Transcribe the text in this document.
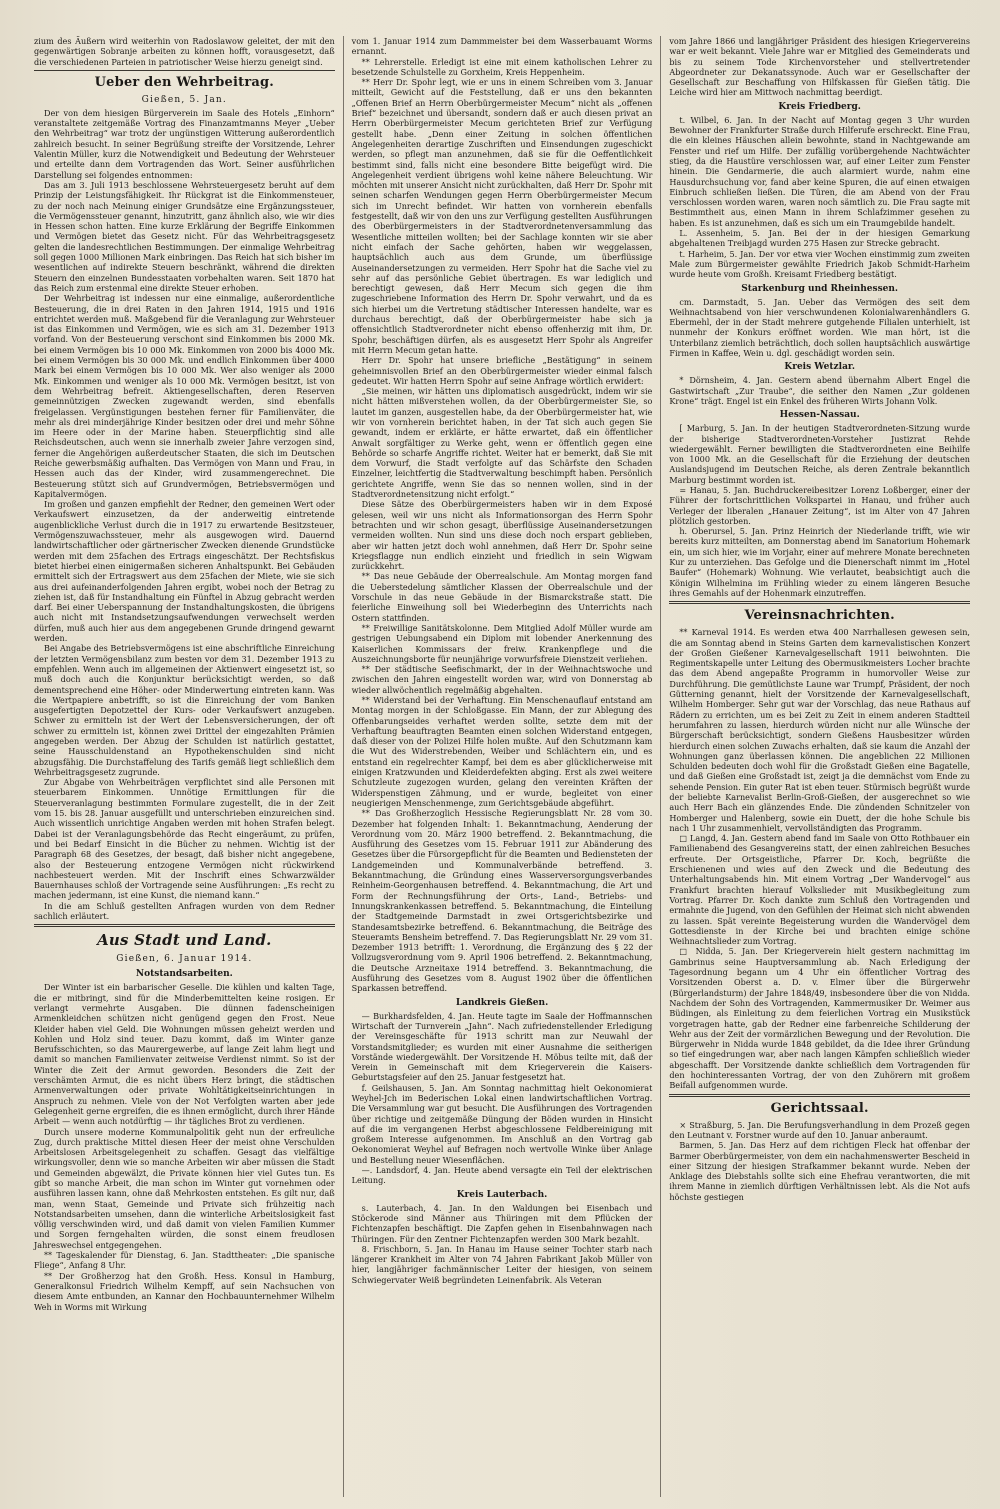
zium des Äußern wird weiterhin von Radoslawow geleitet, der mit den gegenwärtigen Sobranje arbeiten zu können hofft, vorausgesetzt, daß die verschiedenen Parteien in patriotischer Weise hierzu geneigt sind.

Ueber den Wehrbeitrag.
Gießen, 5. Jan.

Der von dem hiesigen Bürgerverein im Saale des Hotels „Einhorn“ veranstaltete zeitgemäße Vortrag des Finanzamtmanns Meyer „Ueber den Wehrbeitrag“ war trotz der ungünstigen Witterung außerordentlich zahlreich besucht. In seiner Begrüßung streifte der Vorsitzende, Lehrer Valentin Müller, kurz die Notwendigkeit und Bedeutung der Wehrsteuer und erteilte dann dem Vortragenden das Wort. Seiner ausführlichen Darstellung sei folgendes entnommen:

Das am 3. Juli 1913 beschlossene Wehrsteuergesetz beruht auf dem Prinzip der Leistungsfähigkeit. Ihr Rückgrat ist die Einkommensteuer, zu der noch nach Meinung einiger Grundsätze eine Ergänzungssteuer, die Vermögenssteuer genannt, hinzutritt, ganz ähnlich also, wie wir dies in Hessen schon hatten. Eine kurze Erklärung der Begriffe Einkommen und Vermögen bietet das Gesetz nicht. Für das Wehrbeitragsgesetz gelten die landesrechtlichen Bestimmungen. Der einmalige Wehrbeitrag soll gegen 1000 Millionen Mark einbringen. Das Reich hat sich bisher im wesentlichen auf indirekte Steuern beschränkt, während die direkten Steuern den einzelnen Bundesstaaten vorbehalten waren. Seit 1870 hat das Reich zum erstenmal eine direkte Steuer erhoben.

Der Wehrbeitrag ist indessen nur eine einmalige, außerordentliche Besteuerung, die in drei Raten in den Jahren 1914, 1915 und 1916 entrichtet werden muß. Maßgebend für die Veranlagung zur Wehrsteuer ist das Einkommen und Vermögen, wie es sich am 31. Dezember 1913 vorfand. Von der Besteuerung verschont sind Einkommen bis 2000 Mk. bei einem Vermögen bis 10 000 Mk. Einkommen von 2000 bis 4000 Mk. bei einem Vermögen bis 30 000 Mk. und endlich Einkommen über 4000 Mark bei einem Vermögen bis 10 000 Mk. Wer also weniger als 2000 Mk. Einkommen und weniger als 10 000 Mk. Vermögen besitzt, ist von dem Wehrbeitrag befreit. Aktiengesellschaften, deren Reserven gemeinnützigen Zwecken zugewandt werden, sind ebenfalls freigelassen. Vergünstigungen bestehen ferner für Familienväter, die mehr als drei minderjährige Kinder besitzen oder drei und mehr Söhne im Heere oder in der Marine haben. Steuerpflichtig sind alle Reichsdeutschen, auch wenn sie innerhalb zweier Jahre verzogen sind, ferner die Angehörigen außerdeutscher Staaten, die sich im Deutschen Reiche gewerbsmäßig aufhalten. Das Vermögen von Mann und Frau, in Hessen auch das der Kinder, wird zusammengerechnet. Die Besteuerung stützt sich auf Grundvermögen, Betriebsvermögen und Kapitalvermögen.

Im großen und ganzen empfiehlt der Redner, den gemeinen Wert oder Verkaufswert einzusetzen, da der anderweitig eintretende augenblickliche Verlust durch die in 1917 zu erwartende Besitzsteuer, Vermögenszuwachssteuer, mehr als ausgewogen wird. Dauernd landwirtschaftlicher oder gärtnerischer Zwecken dienende Grundstücke werden mit dem 25fachen des Ertrags eingeschätzt. Der Rechtsfiskus bietet hierbei einen einigermaßen sicheren Anhaltspunkt. Bei Gebäuden ermittelt sich der Ertragswert aus dem 25fachen der Miete, wie sie sich aus drei aufeinanderfolgenden Jahren ergibt, wobei noch der Betrag zu ziehen ist, daß für Instandhaltung ein Fünftel in Abzug gebracht werden darf. Bei einer Ueberspannung der Instandhaltungskosten, die übrigens auch nicht mit Instandsetzungsaufwendungen verwechselt werden dürfen, muß auch hier aus dem angegebenen Grunde dringend gewarnt werden.

Bei Angabe des Betriebsvermögens ist eine abschriftliche Einreichung der letzten Vermögensbilanz zum besten vor dem 31. Dezember 1913 zu empfehlen. Wenn auch im allgemeinen der Aktienwert eingesetzt ist, so muß doch auch die Konjunktur berücksichtigt werden, so daß dementsprechend eine Höher- oder Minderwertung eintreten kann. Was die Wertpapiere anbetrifft, so ist die Einreichung der vom Banken ausgefertigten Depotzettel der Kurs- oder Verkaufswert anzugeben. Schwer zu ermitteln ist der Wert der Lebensversicherungen, der oft schwer zu ermitteln ist, können zwei Drittel der eingezahlten Prämien angegeben werden. Der Abzug der Schulden ist natürlich gestattet, seine Hausschuldenstand an Hypothekenschulden sind nicht abzugsfähig. Die Durchstaffelung des Tarifs gemäß liegt schließlich dem Wehrbeitragsgesetz zugrunde.

Zur Abgabe von Wehrbeiträgen verpflichtet sind alle Personen mit steuerbarem Einkommen. Unnötige Ermittlungen für die Steuerveranlagung bestimmten Formulare zugestellt, die in der Zeit vom 15. bis 28. Januar ausgefüllt und unterschrieben einzureichen sind. Auch wissentlich unrichtige Angaben werden mit hohen Strafen belegt. Dabei ist der Veranlagungsbehörde das Recht eingeräumt, zu prüfen, und bei Bedarf Einsicht in die Bücher zu nehmen. Wichtig ist der Paragraph 68 des Gesetzes, der besagt, daß bisher nicht angegebene, also der Besteuerung entzogene Vermögen nicht rückwirkend nachbesteuert werden. Mit der Inschrift eines Schwarzwälder Bauernhauses schloß der Vortragende seine Ausführungen: „Es recht zu machen jedermann, ist eine Kunst, die niemand kann.“

In die am Schluß gestellten Anfragen wurden von dem Redner sachlich erläutert.

Aus Stadt und Land.
Gießen, 6. Januar 1914.
Notstandsarbeiten.

Der Winter ist ein barbarischer Geselle. Die kühlen und kalten Tage, die er mitbringt, sind für die Minderbemittelten keine rosigen. Er verlangt vermehrte Ausgaben. Die dünnen fadenscheinigen Armenkleidchen schützen nicht genügend gegen den Frost. Neue Kleider haben viel Geld. Die Wohnungen müssen geheizt werden und Kohlen und Holz sind teuer. Dazu kommt, daß im Winter ganze Berufsschichten, so das Maurergewerbe, auf lange Zeit lahm liegt und damit so manchen Familienvater zeitweise Verdienst nimmt. So ist der Winter die Zeit der Armut geworden. Besonders die Zeit der verschämten Armut, die es nicht übers Herz bringt, die städtischen Armenverwaltungen oder private Wohltätigkeitseinrichtungen in Anspruch zu nehmen. Viele von der Not Verfolgten warten aber jede Gelegenheit gerne ergreifen, die es ihnen ermöglicht, durch ihrer Hände Arbeit — wenn auch notdürftig — ihr tägliches Brot zu verdienen.

Durch unsere moderne Kommunalpolitik geht nun der erfreuliche Zug, durch praktische Mittel diesen Heer der meist ohne Verschulden Arbeitslosen Arbeitsgelegenheit zu schaffen. Gesagt das vielfältige wirkungsvoller, denn wie so manche Arbeiten wir aber müssen die Stadt und Gemeinden abgewälzt, die Private können hier viel Gutes tun. Es gibt so manche Arbeit, die man schon im Winter gut vornehmen oder ausführen lassen kann, ohne daß Mehrkosten entstehen. Es gilt nur, daß man, wenn Staat, Gemeinde und Private sich frühzeitig nach Notstandsarbeiten umsehen, dann die winterliche Arbeitslosigkeit fast völlig verschwinden wird, und daß damit von vielen Familien Kummer und Sorgen ferngehalten würden, die sonst einem freudlosen Jahreswechsel entgegengehen.

** Tageskalender für Dienstag, 6. Jan. Stadttheater: „Die spanische Fliege“, Anfang 8 Uhr.

** Der Großherzog hat den Großh. Hess. Konsul in Hamburg, Generalkonsul Friedrich Wilhelm Kempff, auf sein Nachsuchen von diesem Amte entbunden, an Kannar den Hochbauunternehmer Wilhelm Weh in Worms mit Wirkung

vom 1. Januar 1914 zum Dammmeister bei dem Wasserbauamt Worms ernannt.

** Lehrerstelle. Erledigt ist eine mit einem katholischen Lehrer zu besetzende Schulstelle zu Gorxheim, Kreis Heppenheim.

** Herr Dr. Spohr legt, wie er uns in einem Schreiben vom 3. Januar mitteilt, Gewicht auf die Feststellung, daß er uns den bekannten „Offenen Brief an Herrn Oberbürgermeister Mecum“ nicht als „offenen Brief“ bezeichnet und übersandt, sondern daß er auch diesen privat an Herrn Oberbürgermeister Mecum gerichteten Brief zur Verfügung gestellt habe. „Denn einer Zeitung in solchen öffentlichen Angelegenheiten derartige Zuschriften und Einsendungen zugeschickt werden, so pflegt man anzunehmen, daß sie für die Oeffentlichkeit bestimmt sind, falls nicht eine besondere Bitte beigefügt wird. Die Angelegenheit verdient übrigens wohl keine nähere Beleuchtung. Wir möchten mit unserer Ansicht nicht zurückhalten, daß Herr Dr. Spohr mit seinen scharfen Wendungen gegen Herrn Oberbürgermeister Mecum sich im Unrecht befindet. Wir hatten von vornherein ebenfalls festgestellt, daß wir von den uns zur Verfügung gestellten Ausführungen des Oberbürgermeisters in der Stadtverordnetenversammlung das Wesentliche mitteilen wollten; bei der Sachlage konnten wir sie aber nicht einfach der Sache gehörten, haben wir weggelassen, hauptsächlich auch aus dem Grunde, um überflüssige Auseinandersetzungen zu vermeiden. Herr Spohr hat die Sache viel zu sehr auf das persönliche Gebiet übertragen. Es war lediglich und berechtigt gewesen, daß Herr Mecum sich gegen die ihm zugeschriebene Information des Herrn Dr. Spohr verwahrt, und da es sich hierbei um die Vertretung städtischer Interessen handelte, war es durchaus berechtigt, daß der Oberbürgermeister habe sich ja offensichtlich Stadtverordneter nicht ebenso offenherzig mit ihm, Dr. Spohr, beschäftigen dürfen, als es ausgesetzt Herr Spohr als Angreifer mit Herrn Mecum getan hatte.

Herr Dr. Spohr hat unsere briefliche „Bestätigung“ in seinem geheimnisvollen Brief an den Oberbürgermeister wieder einmal falsch gedeutet. Wir hatten Herrn Spohr auf seine Anfrage wörtlich erwidert:

„Sie meinen, wir hätten uns diplomatisch ausgedrückt, indem wir sie nicht hätten mißverstehen wollen, da der Oberbürgermeister Sie, so lautet im ganzen, ausgestellen habe, da der Oberbürgermeister hat, wie wir von vornherein berichtet haben, in der Tat sich auch gegen Sie gewandt, indem er erklärte, er hätte erwartet, daß ein öffentlicher Anwalt sorgfältiger zu Werke geht, wenn er öffentlich gegen eine Behörde so scharfe Angriffe richtet. Weiter hat er bemerkt, daß Sie mit dem Vorwurf, die Stadt verfolgte auf das Schärfste den Schaden Einzelner, leichtfertig die Stadtverwaltung beschimpft haben. Persönlich gerichtete Angriffe, wenn Sie das so nennen wollen, sind in der Stadtverordnetensitzung nicht erfolgt.“

Diese Sätze des Oberbürgermeisters haben wir in dem Exposé gelesen, weil wir uns nicht als Informationsorgan des Herrn Spohr betrachten und wir schon gesagt, überflüssige Auseinandersetzungen vermeiden wollten. Nun sind uns diese doch noch erspart geblieben, aber wir hatten jetzt doch wohl annehmen, daß Herr Dr. Spohr seine Kriegsflagge nun endlich einzieht und friedlich in sein Wigwam zurückkehrt.

** Das neue Gebäude der Oberrealschule. Am Montag morgen fand die Ueberstedelung sämtlicher Klassen der Oberrealschule und der Vorschule in das neue Gebäude in der Bismarckstraße statt. Die feierliche Einweihung soll bei Wiederbeginn des Unterrichts nach Ostern stattfinden.

** Freiwillige Sanitätskolonne. Dem Mitglied Adolf Müller wurde am gestrigen Uebungsabend ein Diplom mit lobender Anerkennung des Kaiserlichen Kommissars der freiw. Krankenpflege und die Auszeichnungsborte für neunjährige vorwurfsfreie Dienstzeit verliehen.

** Der städtische Seefischmarkt, der in der Weihnachtswoche und zwischen den Jahren eingestellt worden war, wird von Donnerstag ab wieder allwöchentlich regelmäßig abgehalten.

** Widerstand bei der Verhaftung. Ein Menschenauflauf entstand am Montag morgen in der Schloßgasse. Ein Mann, der zur Ablegung des Offenbarungseides verhaftet werden sollte, setzte dem mit der Verhaftung beauftragten Beamten einen solchen Widerstand entgegen, daß dieser von der Polizei Hilfe holen mußte. Auf den Schutzmann kam die Wut des Widerstrebenden, Weiber und Schlächtern ein, und es entstand ein regelrechter Kampf, bei dem es aber glücklicherweise mit einigen Kratzwunden und Kleiderdefekten abging. Erst als zwei weitere Schutzleute zugezogen wurden, gelang den vereinten Kräften der Widerspenstigen Zähmung, und er wurde, begleitet von einer neugierigen Menschenmenge, zum Gerichtsgebäude abgeführt.

** Das Großherzoglich Hessische Regierungsblatt Nr. 28 vom 30. Dezember hat folgenden Inhalt: 1. Bekanntmachung, Aenderung der Verordnung vom 20. März 1900 betreffend. 2. Bekanntmachung, die Ausführung des Gesetzes vom 15. Februar 1911 zur Abänderung des Gesetzes über die Fürsorgepflicht für die Beamten und Bediensteten der Landgemeinden und Kommunalverbände betreffend. 3. Bekanntmachung, die Gründung eines Wasserversorgungsverbandes Reinheim-Georgenhausen betreffend. 4. Bekanntmachung, die Art und Form der Rechnungsführung der Orts-, Land-, Betriebs- und Innungskrankenkassen betreffend. 5. Bekanntmachung, die Einteilung der Stadtgemeinde Darmstadt in zwei Ortsgerichtsbezirke und Standesamtsbezirke betreffend. 6. Bekanntmachung, die Beiträge des Steueramts Bensheim betreffend. 7. Das Regierungsblatt Nr. 29 vom 31. Dezember 1913 betrifft: 1. Verordnung, die Ergänzung des § 22 der Vollzugsverordnung vom 9. April 1906 betreffend. 2. Bekanntmachung, die Deutsche Arzneitaxe 1914 betreffend. 3. Bekanntmachung, die Ausführung des Gesetzes vom 8. August 1902 über die öffentlichen Sparkassen betreffend.

Landkreis Gießen.

— Burkhardsfelden, 4. Jan. Heute tagte im Saale der Hoffmannschen Wirtschaft der Turnverein „Jahn“. Nach zufriedenstellender Erledigung der Vereinsgeschäfte für 1913 schritt man zur Neuwahl der Vorstandsmitglieder; es wurden mit einer Ausnahme die seitherigen Vorstände wiedergewählt. Der Vorsitzende H. Möbus teilte mit, daß der Verein in Gemeinschaft mit dem Kriegerverein die Kaisers-Geburtstagsfeier auf den 25. Januar festgesetzt hat.

f. Geilshausen, 5. Jan. Am Sonntag nachmittag hielt Oekonomierat Weyhel-Jch im Bederischen Lokal einen landwirtschaftlichen Vortrag. Die Versammlung war gut besucht. Die Ausführungen des Vortragenden über richtige und zeitgemäße Düngung der Böden wurden in Hinsicht auf die im vergangenen Herbst abgeschlossene Feldbereinigung mit großem Interesse aufgenommen. Im Anschluß an den Vortrag gab Oekonomierat Weyhel auf Befragen noch wertvolle Winke über Anlage und Bestellung neuer Wiesenflächen.

—. Landsdorf, 4. Jan. Heute abend versagte ein Teil der elektrischen Leitung.

Kreis Lauterbach.

s. Lauterbach, 4. Jan. In den Waldungen bei Eisenbach und Stöckerode sind Männer aus Thüringen mit dem Pflücken der Fichtenzapfen beschäftigt. Die Zapfen gehen in Eisenbahnwagen nach Thüringen. Für den Zentner Fichtenzapfen werden 300 Mark bezahlt.

8. Frischborn, 5. Jan. In Hanau im Hause seiner Tochter starb nach längerer Krankheit im Alter von 74 Jahren Fabrikant Jakob Müller von hier, langjähriger fachmännischer Leiter der hiesigen, von seinem Schwiegervater Weiß begründeten Leinenfabrik. Als Veteran

vom Jahre 1866 und langjähriger Präsident des hiesigen Kriegervereins war er weit bekannt. Viele Jahre war er Mitglied des Gemeinderats und bis zu seinem Tode Kirchenvorsteher und stellvertretender Abgeordneter zur Dekanatssynode. Auch war er Gesellschafter der Gesellschaft zur Beschaffung von Hilfskassen für Gießen tätig. Die Leiche wird hier am Mittwoch nachmittag beerdigt.

Kreis Friedberg.

t. Wilbel, 6. Jan. In der Nacht auf Montag gegen 3 Uhr wurden Bewohner der Frankfurter Straße durch Hilferufe erschreckt. Eine Frau, die ein kleines Häuschen allein bewohnte, stand in Nachtgewande am Fenster und rief um Hilfe. Der zufällig vorübergehende Nachtwächter stieg, da die Haustüre verschlossen war, auf einer Leiter zum Fenster hinein. Die Gendarmerie, die auch alarmiert wurde, nahm eine Hausdurchsuchung vor, fand aber keine Spuren, die auf einen etwaigen Einbruch schließen ließen. Die Türen, die am Abend von der Frau verschlossen worden waren, waren noch sämtlich zu. Die Frau sagte mit Bestimmtheit aus, einen Mann in ihrem Schlafzimmer gesehen zu haben. Es ist anzunehmen, daß es sich um ein Traumgebilde handelt.

L. Assenheim, 5. Jan. Bei der in der hiesigen Gemarkung abgehaltenen Treibjagd wurden 275 Hasen zur Strecke gebracht.

t. Harheim, 5. Jan. Der vor etwa vier Wochen einstimmig zum zweiten Male zum Bürgermeister gewählte Friedrich Jakob Schmidt-Harheim wurde heute vom Großh. Kreisamt Friedberg bestätigt.

Starkenburg und Rheinhessen.

cm. Darmstadt, 5. Jan. Ueber das Vermögen des seit dem Weihnachtsabend von hier verschwundenen Kolonialwarenhändlers G. Ebermehl, der in der Stadt mehrere gutgehende Filialen unterhielt, ist nunmehr der Konkurs eröffnet worden. Wie man hört, ist die Unterbilanz ziemlich beträchtlich, doch sollen hauptsächlich auswärtige Firmen in Kaffee, Wein u. dgl. geschädigt worden sein.

Kreis Wetzlar.

* Dörnsheim, 4. Jan. Gestern abend übernahm Albert Engel die Gastwirtschaft „Zur Traube“, die seither den Namen „Zur goldenen Krone“ trägt. Engel ist ein Enkel des früheren Wirts Johann Volk.

Hessen-Nassau.

[ Marburg, 5. Jan. In der heutigen Stadtverordneten-Sitzung wurde der bisherige Stadtverordneten-Vorsteher Justizrat Rehde wiedergewählt. Ferner bewilligten die Stadtverordneten eine Beihilfe von 1000 Mk. an die Gesellschaft für die Erziehung der deutschen Auslandsjugend im Deutschen Reiche, als deren Zentrale bekanntlich Marburg bestimmt worden ist.

= Hanau, 5. Jan. Buchdruckereibesitzer Lorenz Loßberger, einer der Führer der fortschrittlichen Volkspartei in Hanau, und früher auch Verleger der liberalen „Hanauer Zeitung“, ist im Alter von 47 Jahren plötzlich gestorben.

h. Oberursel, 5. Jan. Prinz Heinrich der Niederlande trifft, wie wir bereits kurz mitteilten, am Donnerstag abend im Sanatorium Hohemark ein, um sich hier, wie im Vorjahr, einer auf mehrere Monate berechneten Kur zu unterziehen. Das Gefolge und die Dienerschaft nimmt im „Hotel Baufer“ (Hohemark) Wohnung. Wie verlautet, beabsichtigt auch die Königin Wilhelmina im Frühling wieder zu einem längeren Besuche ihres Gemahls auf der Hohenmark einzutreffen.

Vereinsnachrichten.

** Karneval 1914. Es werden etwa 400 Narrhallesen gewesen sein, die am Sonntag abend in Steins Garten dem karnevalistischen Konzert der Großen Gießener Karnevalgesellschaft 1911 beiwohnten. Die Regimentskapelle unter Leitung des Obermusikmeisters Locher brachte das dem Abend angepaßte Programm in humorvoller Weise zur Durchführung. Die gemütlichste Laune war Trumpf, Präsident, der noch Gütterning genannt, hielt der Vorsitzende der Karnevalgesellschaft, Wilhelm Homberger. Sehr gut war der Vorschlag, das neue Rathaus auf Rädern zu errichten, um es bei Zeit zu Zeit in einem anderen Stadtteil herumfahren zu lassen, hierdurch würden nicht nur alle Wünsche der Bürgerschaft berücksichtigt, sondern Gießens Hausbesitzer würden hierdurch einen solchen Zuwachs erhalten, daß sie kaum die Anzahl der Wohnungen ganz überlassen können. Die angeblichen 22 Millionen Schulden bedeuten doch wohl für die Großstadt Gießen eine Bagatelle, und daß Gießen eine Großstadt ist, zeigt ja die demnächst vom Ende zu sehende Pension. Ein guter Rat ist eben teuer. Stürmisch begrüßt wurde der beliebte Karnevalist Berlin-Groß-Gießen, der ausgerechnet so wie auch Herr Bach ein glänzendes Ende. Die zündenden Schnitzeler von Homberger und Halenberg, sowie ein Duett, der die hohe Schule bis nach 1 Uhr zusammenhielt, vervollständigten das Programm.

□ Langd, 4. Jan. Gestern abend fand im Saale von Otto Rothbauer ein Familienabend des Gesangvereins statt, der einen zahlreichen Besuches erfreute. Der Ortsgeistliche, Pfarrer Dr. Koch, begrüßte die Erschienenen und wies auf den Zweck und die Bedeutung des Unterhaltungsabends hin. Mit einem Vortrag „Der Wandervogel“ aus Frankfurt brachten hierauf Volkslieder mit Musikbegleitung zum Vortrag. Pfarrer Dr. Koch dankte zum Schluß den Vortragenden und ermahnte die Jugend, von den Gefühlen der Heimat sich nicht abwenden zu lassen. Spät vereinte Begeisterung wurden die Wandervögel dem Gottesdienste in der Kirche bei und brachten einige schöne Weihnachtslieder zum Vortrag.

□ Nidda, 5. Jan. Der Kriegerverein hielt gestern nachmittag im Gambrinus seine Hauptversammlung ab. Nach Erledigung der Tagesordnung begann um 4 Uhr ein öffentlicher Vortrag des Vorsitzenden Oberst a. D. v. Elmer über die Bürgerwehr (Bürgerlandsturm) der Jahre 1848/49, insbesondere über die von Nidda. Nachdem der Sohn des Vortragenden, Kammermusiker Dr. Weimer aus Büdingen, als Einleitung zu dem feierlichen Vortrag ein Musikstück vorgetragen hatte, gab der Redner eine farbenreiche Schilderung der Wehr aus der Zeit der vormärzlichen Bewegung und der Revolution. Die Bürgerwehr in Nidda wurde 1848 gebildet, da die Idee ihrer Gründung so tief eingedrungen war, aber nach langen Kämpfen schließlich wieder abgeschafft. Der Vorsitzende dankte schließlich dem Vortragenden für den hochinteressanten Vortrag, der von den Zuhörern mit großem Beifall aufgenommen wurde.

Gerichtssaal.

× Straßburg, 5. Jan. Die Berufungsverhandlung in dem Prozeß gegen den Leutnant v. Forstner wurde auf den 10. Januar anberaumt.

Barmen, 5. Jan. Das Herz auf dem richtigen Fleck hat offenbar der Barmer Oberbürgermeister, von dem ein nachahmenswerter Bescheid in einer Sitzung der hiesigen Strafkammer bekannt wurde. Neben der Anklage des Diebstahls sollte sich eine Ehefrau verantworten, die mit ihrem Manne in ziemlich dürftigen Verhältnissen lebt. Als die Not aufs höchste gestiegen
